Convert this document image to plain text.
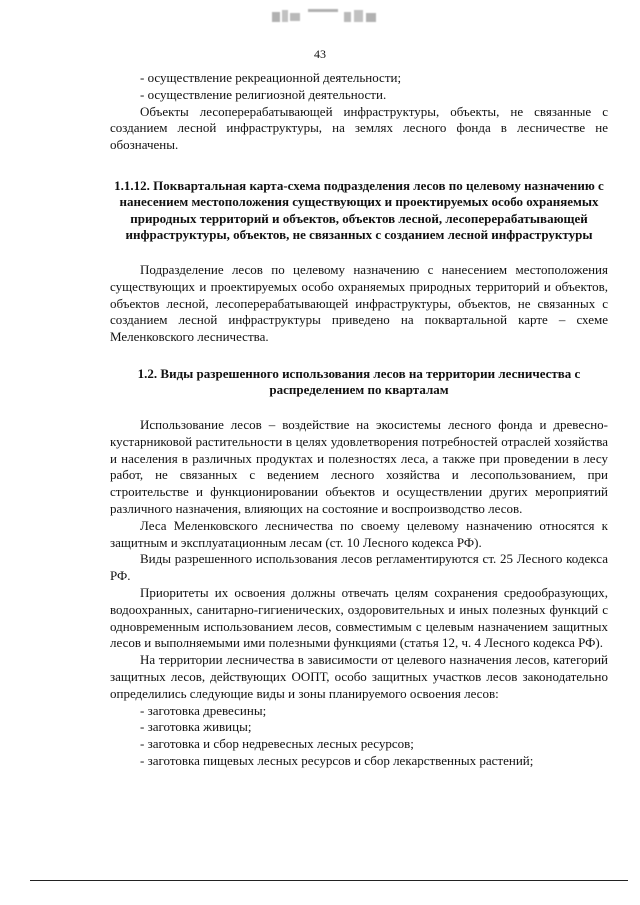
43

- осуществление рекреационной деятельности;

- осуществление религиозной деятельности.

Объекты лесоперерабатывающей инфраструктуры, объекты, не связанные с созданием лесной инфраструктуры, на землях лесного фонда в лесничестве не обозначены.

1.1.12. Поквартальная карта-схема подразделения лесов по целевому назначению с нанесением местоположения существующих и проектируемых особо охраняемых природных территорий и объектов, объектов лесной, лесоперерабатывающей инфраструктуры, объектов, не связанных с созданием лесной инфраструктуры

Подразделение лесов по целевому назначению с нанесением местоположения существующих и проектируемых особо охраняемых природных территорий и объектов, объектов лесной, лесоперерабатывающей инфраструктуры, объектов, не связанных с созданием лесной инфраструктуры приведено на поквартальной карте – схеме Меленковского лесничества.

1.2. Виды разрешенного использования лесов на территории лесничества с распределением по кварталам

Использование лесов – воздействие на экосистемы лесного фонда и древесно-кустарниковой растительности в целях удовлетворения потребностей отраслей хозяйства и населения в различных продуктах и полезностях леса, а также при проведении в лесу работ, не связанных с ведением лесного хозяйства и лесопользованием, при строительстве и функционировании объектов и осуществлении других мероприятий различного назначения, влияющих на состояние и воспроизводство лесов.

Леса Меленковского лесничества по своему целевому назначению относятся к защитным и эксплуатационным лесам (ст. 10 Лесного кодекса РФ).

Виды разрешенного использования лесов регламентируются ст. 25 Лесного кодекса РФ.

Приоритеты их освоения должны отвечать целям сохранения средообразующих, водоохранных, санитарно-гигиенических, оздоровительных и иных полезных функций с одновременным использованием лесов, совместимым с целевым назначением защитных лесов и выполняемыми ими полезными функциями (статья 12, ч. 4 Лесного кодекса РФ).

На территории лесничества в зависимости от целевого назначения лесов, категорий защитных лесов, действующих ООПТ, особо защитных участков лесов законодательно определились следующие виды и зоны планируемого освоения лесов:

- заготовка древесины;

- заготовка живицы;

- заготовка и сбор недревесных лесных ресурсов;

- заготовка пищевых лесных ресурсов и сбор лекарственных растений;
